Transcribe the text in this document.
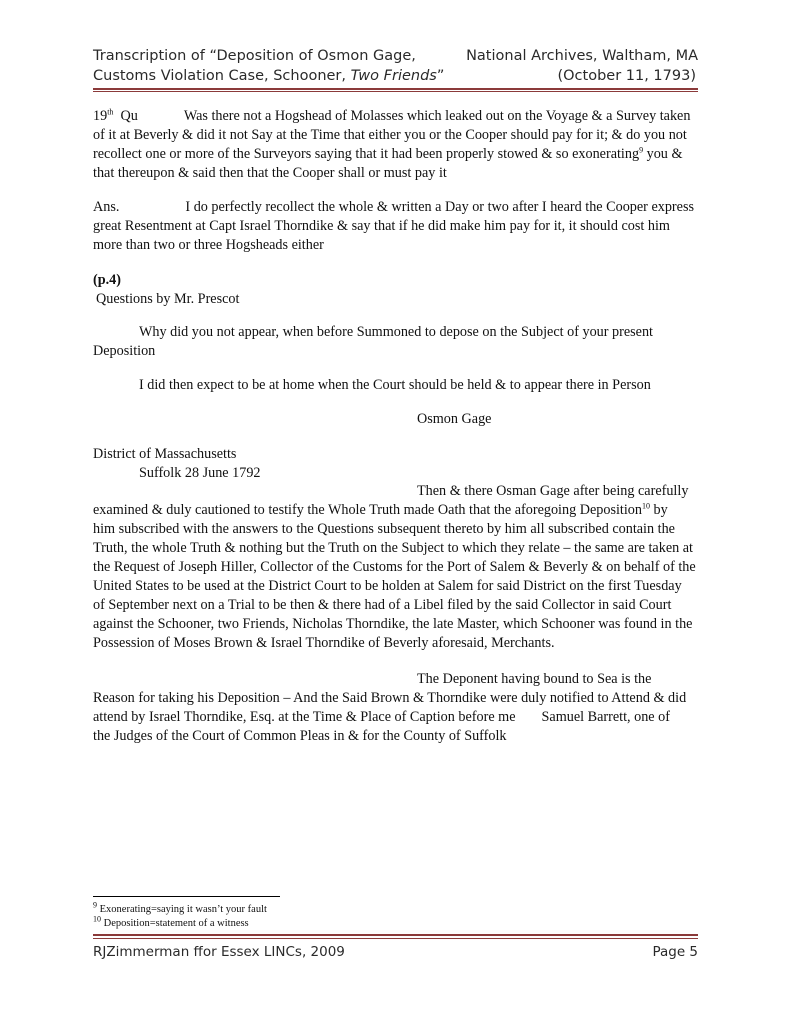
Transcription of “Deposition of Osmon Gage,	National Archives, Waltham, MA
Customs Violation Case, Schooner, Two Friends”	(October 11, 1793)

19th Qu	Was there not a Hogshead of Molasses which leaked out on the Voyage & a Survey taken

of it at Beverly & did it not Say at the Time that either you or the Cooper should pay for it; & do you not

recollect one or more of the Surveyors saying that it had been properly stowed & so exonerating$^9$ you &

that thereupon & said then that the Cooper shall or must pay it

Ans.	I do perfectly recollect the whole & written a Day or two after I heard the Cooper express

great Resentment at Capt Israel Thorndike & say that if he did make him pay for it, it should cost him

more than two or three Hogsheads either

(p.4)

Questions by Mr. Prescot

Why did you not appear, when before Summoned to depose on the Subject of your present

Deposition

I did then expect to be at home when the Court should be held & to appear there in Person

Osmon Gage

District of Massachusetts

Suffolk 28 June 1792

Then & there Osman Gage after being carefully

examined & duly cautioned to testify the Whole Truth made Oath that the aforegoing Deposition$^{10}$ by

him subscribed with the answers to the Questions subsequent thereto by him all subscribed contain the

Truth, the whole Truth & nothing but the Truth on the Subject to which they relate – the same are taken at

the Request of Joseph Hiller, Collector of the Customs for the Port of Salem & Beverly & on behalf of the

United States to be used at the District Court to be holden at Salem for said District on the first Tuesday

of September next on a Trial to be then & there had of a Libel filed by the said Collector in said Court

against the Schooner, two Friends, Nicholas Thorndike, the late Master, which Schooner was found in the

Possession of Moses Brown & Israel Thorndike of Beverly aforesaid, Merchants.

The Deponent having bound to Sea is the

Reason for taking his Deposition – And the Said Brown & Thorndike were duly notified to Attend & did

attend by Israel Thorndike, Esq. at the Time & Place of Caption before me Samuel Barrett, one of

the Judges of the Court of Common Pleas in & for the County of Suffolk

$^9$ Exonerating=saying it wasn’t your fault
$^{10}$ Deposition=statement of a witness
RJZimmerman ffor Essex LINCs, 2009	Page 5
